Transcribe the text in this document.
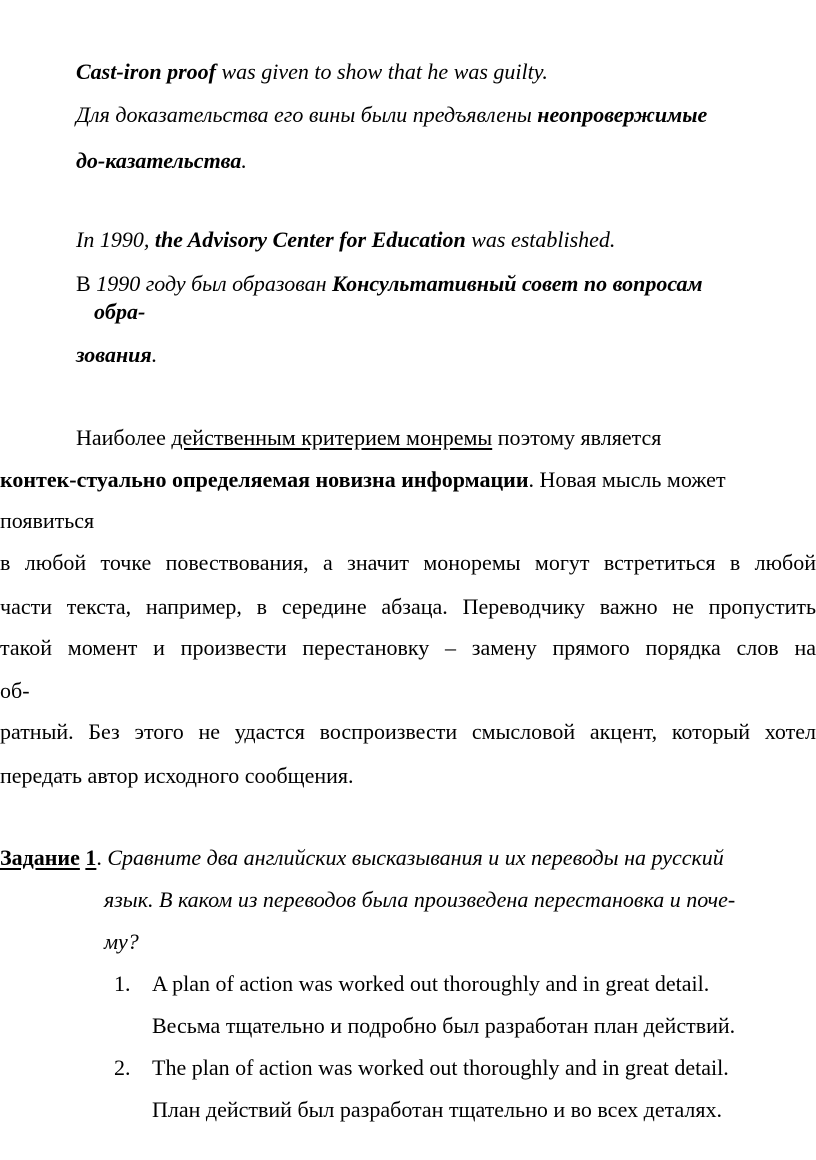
Cast-iron proof was given to show that he was guilty.
Для доказательства его вины были предъявлены неопровержимые
до-казательства.
In 1990, the Advisory Center for Education was established.
В 1990 году был образован Консультативный совет по вопросам
обра-
зования.
Наиболее действенным критерием монремы поэтому является
контек-стуально определяемая новизна информации. Новая мысль может
появиться
в любой точке повествования, а значит моноремы могут встретиться в любой
части текста, например, в середине абзаца. Переводчику важно не пропустить
такой момент и произвести перестановку – замену прямого порядка слов на
об-
ратный. Без этого не удастся воспроизвести смысловой акцент, который хотел
передать автор исходного сообщения.
Задание 1. Сравните два английских высказывания и их переводы на русский
язык. В каком из переводов была произведена перестановка и поче-
му?
1. A plan of action was worked out thoroughly and in great detail.
Весьма тщательно и подробно был разработан план действий.
2. The plan of action was worked out thoroughly and in great detail.
План действий был разработан тщательно и во всех деталях.
